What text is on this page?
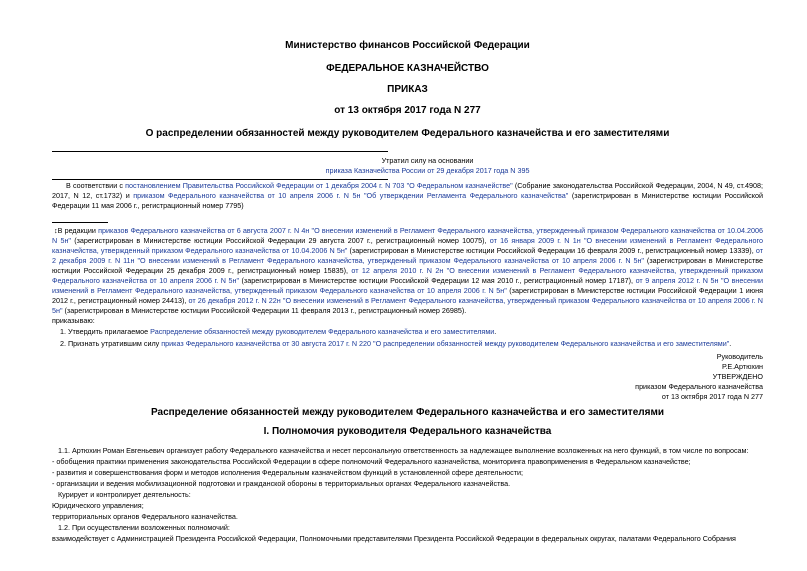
Министерство финансов Российской Федерации

ФЕДЕРАЛЬНОЕ КАЗНАЧЕЙСТВО

ПРИКАЗ

от 13 октября 2017 года N 277

О распределении обязанностей между руководителем Федерального казначейства и его заместителями

Утратил силу на основании

приказа Казначейства России от 29 декабря 2017 года N 395

В соответствии с постановлением Правительства Российской Федерации от 1 декабря 2004 г. N 703 "О Федеральном казначействе" (Собрание законодательства Российской Федерации, 2004, N 49, ст.4908; 2017, N 12, ст.1732) и приказом Федерального казначейства от 10 апреля 2006 г. N 5н "Об утверждении Регламента Федерального казначейства" (зарегистрирован в Министерстве юстиции Российской Федерации 11 мая 2006 г., регистрационный номер 7795)

↕В редакции приказов Федерального казначейства от 6 августа 2007 г. N 4н "О внесении изменений в Регламент Федерального казначейства, утвержденный приказом Федерального казначейства от 10.04.2006 N 5н" (зарегистрирован в Министерстве юстиции Российской Федерации 29 августа 2007 г., регистрационный номер 10075), от 16 января 2009 г. N 1н "О внесении изменений в Регламент Федерального казначейства, утвержденный приказом Федерального казначейства от 10.04.2006 N 5н" (зарегистрирован в Министерстве юстиции Российской Федерации 16 февраля 2009 г., регистрационный номер 13339), от 2 декабря 2009 г. N 11н "О внесении изменений в Регламент Федерального казначейства, утвержденный приказом Федерального казначейства от 10 апреля 2006 г. N 5н" (зарегистрирован в Министерстве юстиции Российской Федерации 25 декабря 2009 г., регистрационный номер 15835), от 12 апреля 2010 г. N 2н "О внесении изменений в Регламент Федерального казначейства, утвержденный приказом Федерального казначейства от 10 апреля 2006 г. N 5н" (зарегистрирован в Министерстве юстиции Российской Федерации 12 мая 2010 г., регистрационный номер 17187), от 9 апреля 2012 г. N 5н "О внесении изменений в Регламент Федерального казначейства, утвержденный приказом Федерального казначейства от 10 апреля 2006 г. N 5н" (зарегистрирован в Министерстве юстиции Российской Федерации 1 июня 2012 г., регистрационный номер 24413), от 26 декабря 2012 г. N 22н "О внесении изменений в Регламент Федерального казначейства, утвержденный приказом Федерального казначейства от 10 апреля 2006 г. N 5н" (зарегистрирован в Министерстве юстиции Российской Федерации 11 февраля 2013 г., регистрационный номер 26985).

приказываю:

1. Утвердить прилагаемое Распределение обязанностей между руководителем Федерального казначейства и его заместителями.

2. Признать утратившим силу приказ Федерального казначейства от 30 августа 2017 г. N 220 "О распределении обязанностей между руководителем Федерального казначейства и его заместителями".

Руководитель

Р.Е.Артюхин

УТВЕРЖДЕНО

приказом Федерального казначейства

от 13 октября 2017 года N 277

Распределение обязанностей между руководителем Федерального казначейства и его заместителями

I. Полномочия руководителя Федерального казначейства

1.1. Артюхин Роман Евгеньевич организует работу Федерального казначейства и несет персональную ответственность за надлежащее выполнение возложенных на него функций, в том числе по вопросам:

- обобщения практики применения законодательства Российской Федерации в сфере полномочий Федерального казначейства, мониторинга правоприменения в Федеральном казначействе;

- развития и совершенствования форм и методов исполнения Федеральным казначейством функций в установленной сфере деятельности;

- организации и ведения мобилизационной подготовки и гражданской обороны в территориальных органах Федерального казначейства.

Курирует и контролирует деятельность:

Юридического управления;

территориальных органов Федерального казначейства.

1.2. При осуществлении возложенных полномочий:

взаимодействует с Администрацией Президента Российской Федерации, Полномочными представителями Президента Российской Федерации в федеральных округах, палатами Федерального Собрания
